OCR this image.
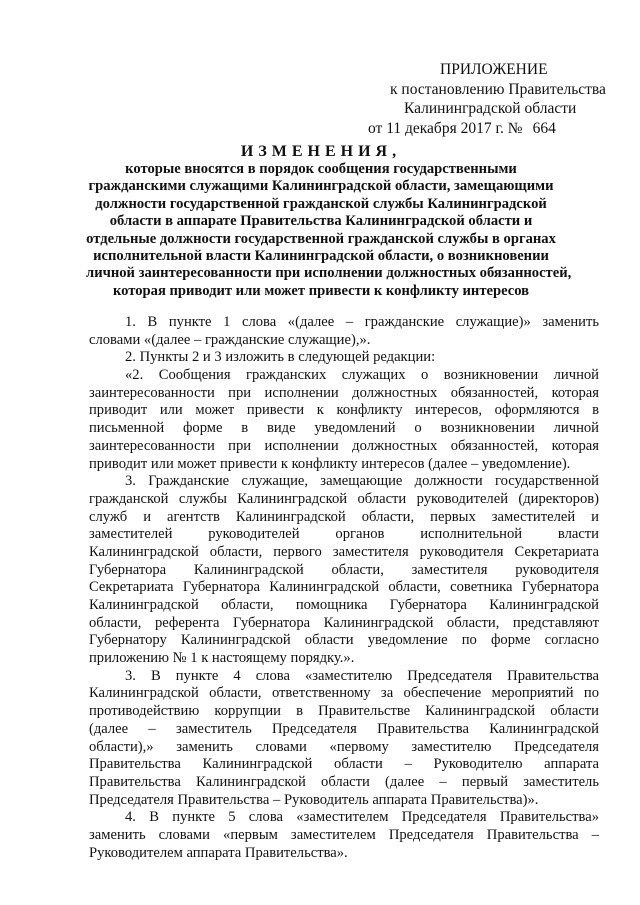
ПРИЛОЖЕНИЕ
к постановлению Правительства
Калининградской области
от 11 декабря 2017 г. № 664
ИЗМЕНЕНИЯ,
которые вносятся в порядок сообщения государственными
гражданскими служащими Калининградской области, замещающими
должности государственной гражданской службы Калининградской
области в аппарате Правительства Калининградской области и
отдельные должности государственной гражданской службы в органах
исполнительной власти Калининградской области, о возникновении
личной заинтересованности при исполнении должностных обязанностей,
которая приводит или может привести к конфликту интересов
1. В пункте 1 слова «(далее – гражданские служащие)» заменить
словами «(далее – гражданские служащие),».
2. Пункты 2 и 3 изложить в следующей редакции:
«2. Сообщения гражданских служащих о возникновении личной
заинтересованности при исполнении должностных обязанностей, которая
приводит или может привести к конфликту интересов, оформляются в
письменной форме в виде уведомлений о возникновении личной
заинтересованности при исполнении должностных обязанностей, которая
приводит или может привести к конфликту интересов (далее – уведомление).
3. Гражданские служащие, замещающие должности государственной
гражданской службы Калининградской области руководителей (директоров)
служб и агентств Калининградской области, первых заместителей и
заместителей руководителей органов исполнительной власти
Калининградской области, первого заместителя руководителя Секретариата
Губернатора Калининградской области, заместителя руководителя
Секретариата Губернатора Калининградской области, советника Губернатора
Калининградской области, помощника Губернатора Калининградской
области, референта Губернатора Калининградской области, представляют
Губернатору Калининградской области уведомление по форме согласно
приложению № 1 к настоящему порядку.».
3. В пункте 4 слова «заместителю Председателя Правительства
Калининградской области, ответственному за обеспечение мероприятий по
противодействию коррупции в Правительстве Калининградской области
(далее – заместитель Председателя Правительства Калининградской
области),» заменить словами «первому заместителю Председателя
Правительства Калининградской области – Руководителю аппарата
Правительства Калининградской области (далее – первый заместитель
Председателя Правительства – Руководитель аппарата Правительства)».
4. В пункте 5 слова «заместителем Председателя Правительства»
заменить словами «первым заместителем Председателя Правительства –
Руководителем аппарата Правительства».
